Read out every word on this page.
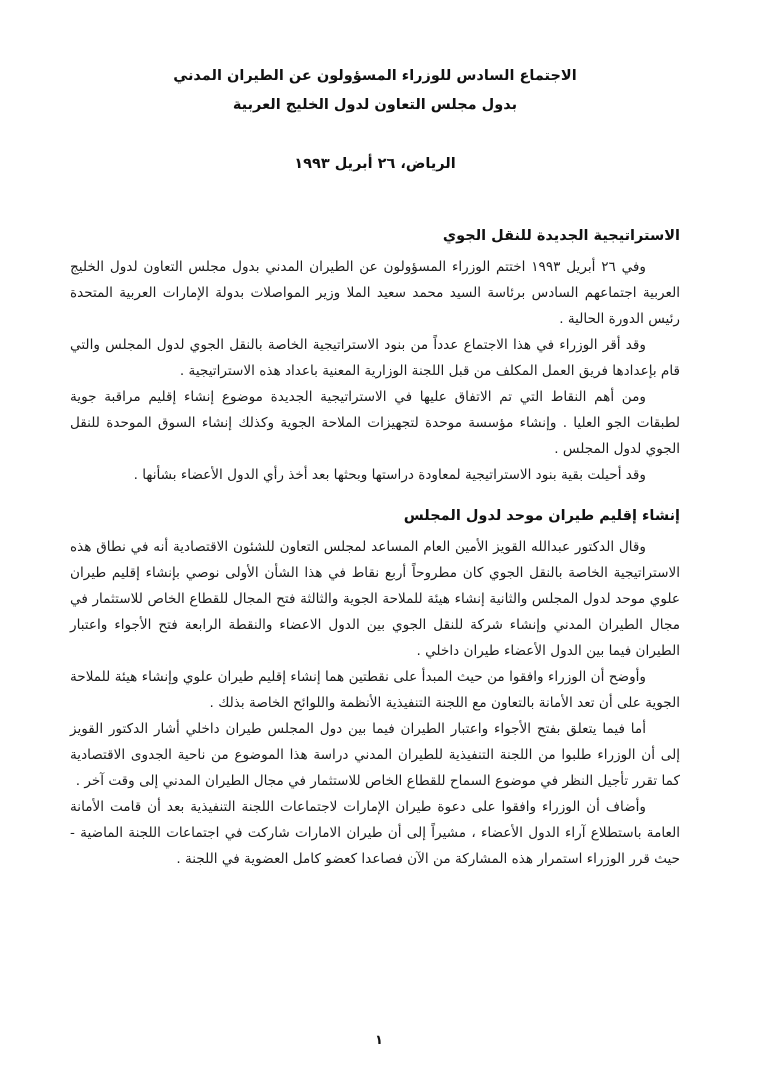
الاجتماع السادس للوزراء المسؤولون عن الطيران المدني
بدول مجلس التعاون لدول الخليج العربية
الرياض، ٢٦ أبريل ١٩٩٣
الاستراتيجية الجديدة للنقل الجوي

وفي ٢٦ أبريل ١٩٩٣ اختتم الوزراء المسؤولون عن الطيران المدني بدول مجلس التعاون لدول الخليج العربية اجتماعهم السادس برئاسة السيد محمد سعيد الملا وزير المواصلات بدولة الإمارات العربية المتحدة رئيس الدورة الحالية .

وقد أقر الوزراء في هذا الاجتماع عدداً من بنود الاستراتيجية الخاصة بالنقل الجوي لدول المجلس والتي قام بإعدادها فريق العمل المكلف من قبل اللجنة الوزارية المعنية باعداد هذه الاستراتيجية .

ومن أهم النقاط التي تم الاتفاق عليها في الاستراتيجية الجديدة موضوع إنشاء إقليم مراقبة جوية لطبقات الجو العليا . وإنشاء مؤسسة موحدة لتجهيزات الملاحة الجوية وكذلك إنشاء السوق الموحدة للنقل الجوي لدول المجلس .

وقد أحيلت بقية بنود الاستراتيجية لمعاودة دراستها وبحثها بعد أخذ رأي الدول الأعضاء بشأنها .

إنشاء إقليم طيران موحد لدول المجلس

وقال الدكتور عبدالله القويز الأمين العام المساعد لمجلس التعاون للشئون الاقتصادية أنه في نطاق هذه الاستراتيجية الخاصة بالنقل الجوي كان مطروحاً أربع نقاط في هذا الشأن الأولى نوصي بإنشاء إقليم طيران علوي موحد لدول المجلس والثانية إنشاء هيئة للملاحة الجوية والثالثة فتح المجال للقطاع الخاص للاستثمار في مجال الطيران المدني وإنشاء شركة للنقل الجوي بين الدول الاعضاء والنقطة الرابعة فتح الأجواء واعتبار الطيران فيما بين الدول الأعضاء طيران داخلي .

وأوضح أن الوزراء وافقوا من حيث المبدأ على نقطتين هما إنشاء إقليم طيران علوي وإنشاء هيئة للملاحة الجوية على أن تعد الأمانة بالتعاون مع اللجنة التنفيذية الأنظمة واللوائح الخاصة بذلك .

أما فيما يتعلق بفتح الأجواء واعتبار الطيران فيما بين دول المجلس طيران داخلي أشار الدكتور القويز إلى أن الوزراء طلبوا من اللجنة التنفيذية للطيران المدني دراسة هذا الموضوع من ناحية الجدوى الاقتصادية كما تقرر تأجيل النظر في موضوع السماح للقطاع الخاص للاستثمار في مجال الطيران المدني إلى وقت آخر .

وأضاف أن الوزراء وافقوا على دعوة طيران الإمارات لاجتماعات اللجنة التنفيذية بعد أن قامت الأمانة العامة باستطلاع آراء الدول الأعضاء ، مشيراً إلى أن طيران الامارات شاركت في اجتماعات اللجنة الماضية - حيث قرر الوزراء استمرار هذه المشاركة من الآن فصاعدا كعضو كامل العضوية في اللجنة .

١
